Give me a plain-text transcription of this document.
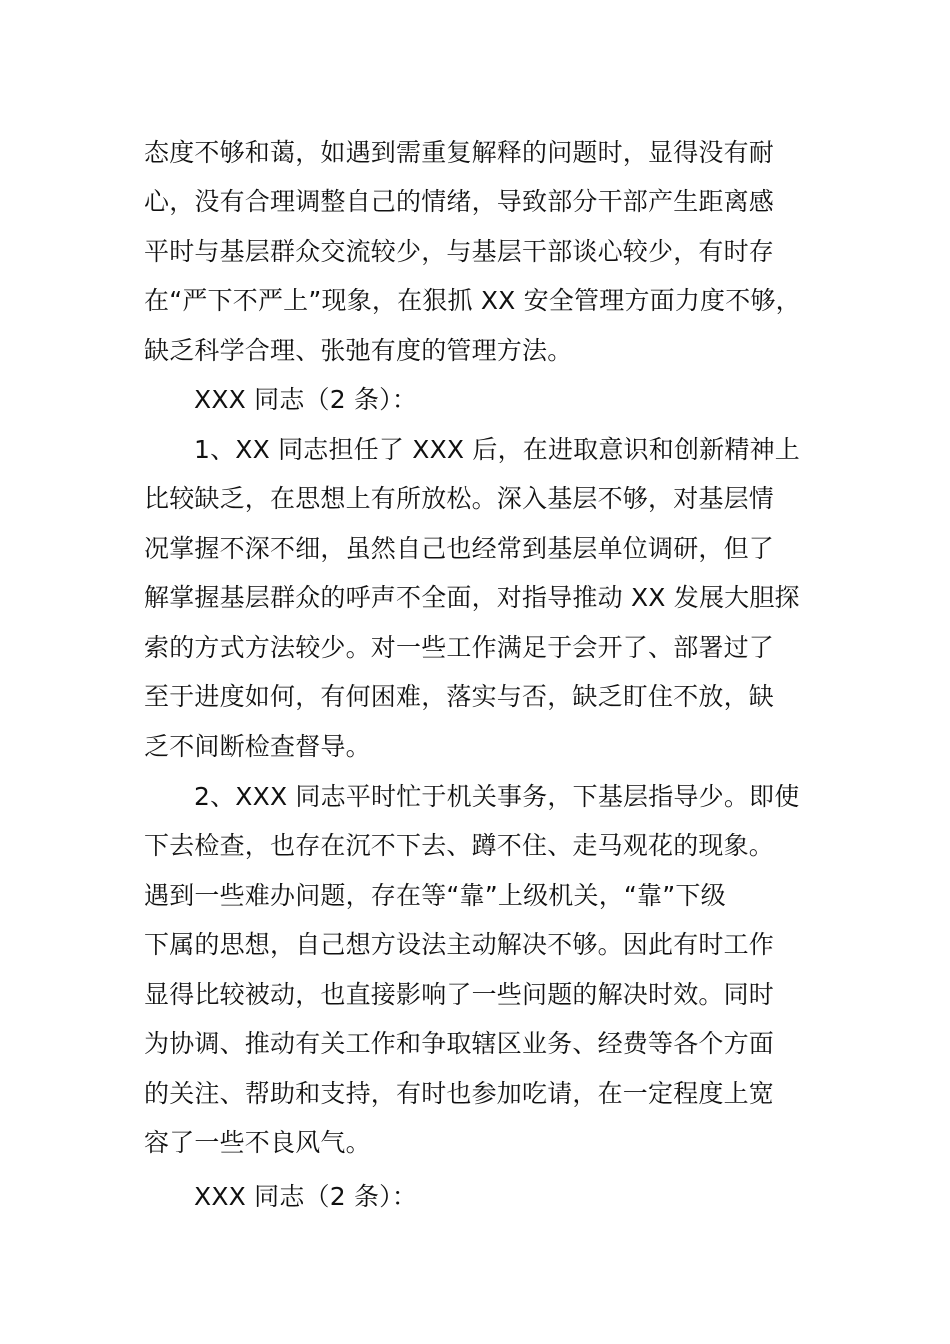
态度不够和蔼，如遇到需重复解释的问题时，显得没有耐
心，没有合理调整自己的情绪，导致部分干部产生距离感
平时与基层群众交流较少，与基层干部谈心较少，有时存
在“严下不严上”现象，在狠抓 XX 安全管理方面力度不够，
缺乏科学合理、张弛有度的管理方法。
XXX 同志（2 条）：
1、XX 同志担任了 XXX 后，在进取意识和创新精神上
比较缺乏，在思想上有所放松。深入基层不够，对基层情
况掌握不深不细，虽然自己也经常到基层单位调研，但了
解掌握基层群众的呼声不全面，对指导推动 XX 发展大胆探
索的方式方法较少。对一些工作满足于会开了、部署过了
至于进度如何，有何困难，落实与否，缺乏盯住不放，缺
乏不间断检查督导。
2、XXX 同志平时忙于机关事务，下基层指导少。即使
下去检查，也存在沉不下去、蹲不住、走马观花的现象。
遇到一些难办问题，存在等“靠”上级机关，“靠”下级
下属的思想，自己想方设法主动解决不够。因此有时工作
显得比较被动，也直接影响了一些问题的解决时效。同时
为协调、推动有关工作和争取辖区业务、经费等各个方面
的关注、帮助和支持，有时也参加吃请，在一定程度上宽
容了一些不良风气。
XXX 同志（2 条）：
